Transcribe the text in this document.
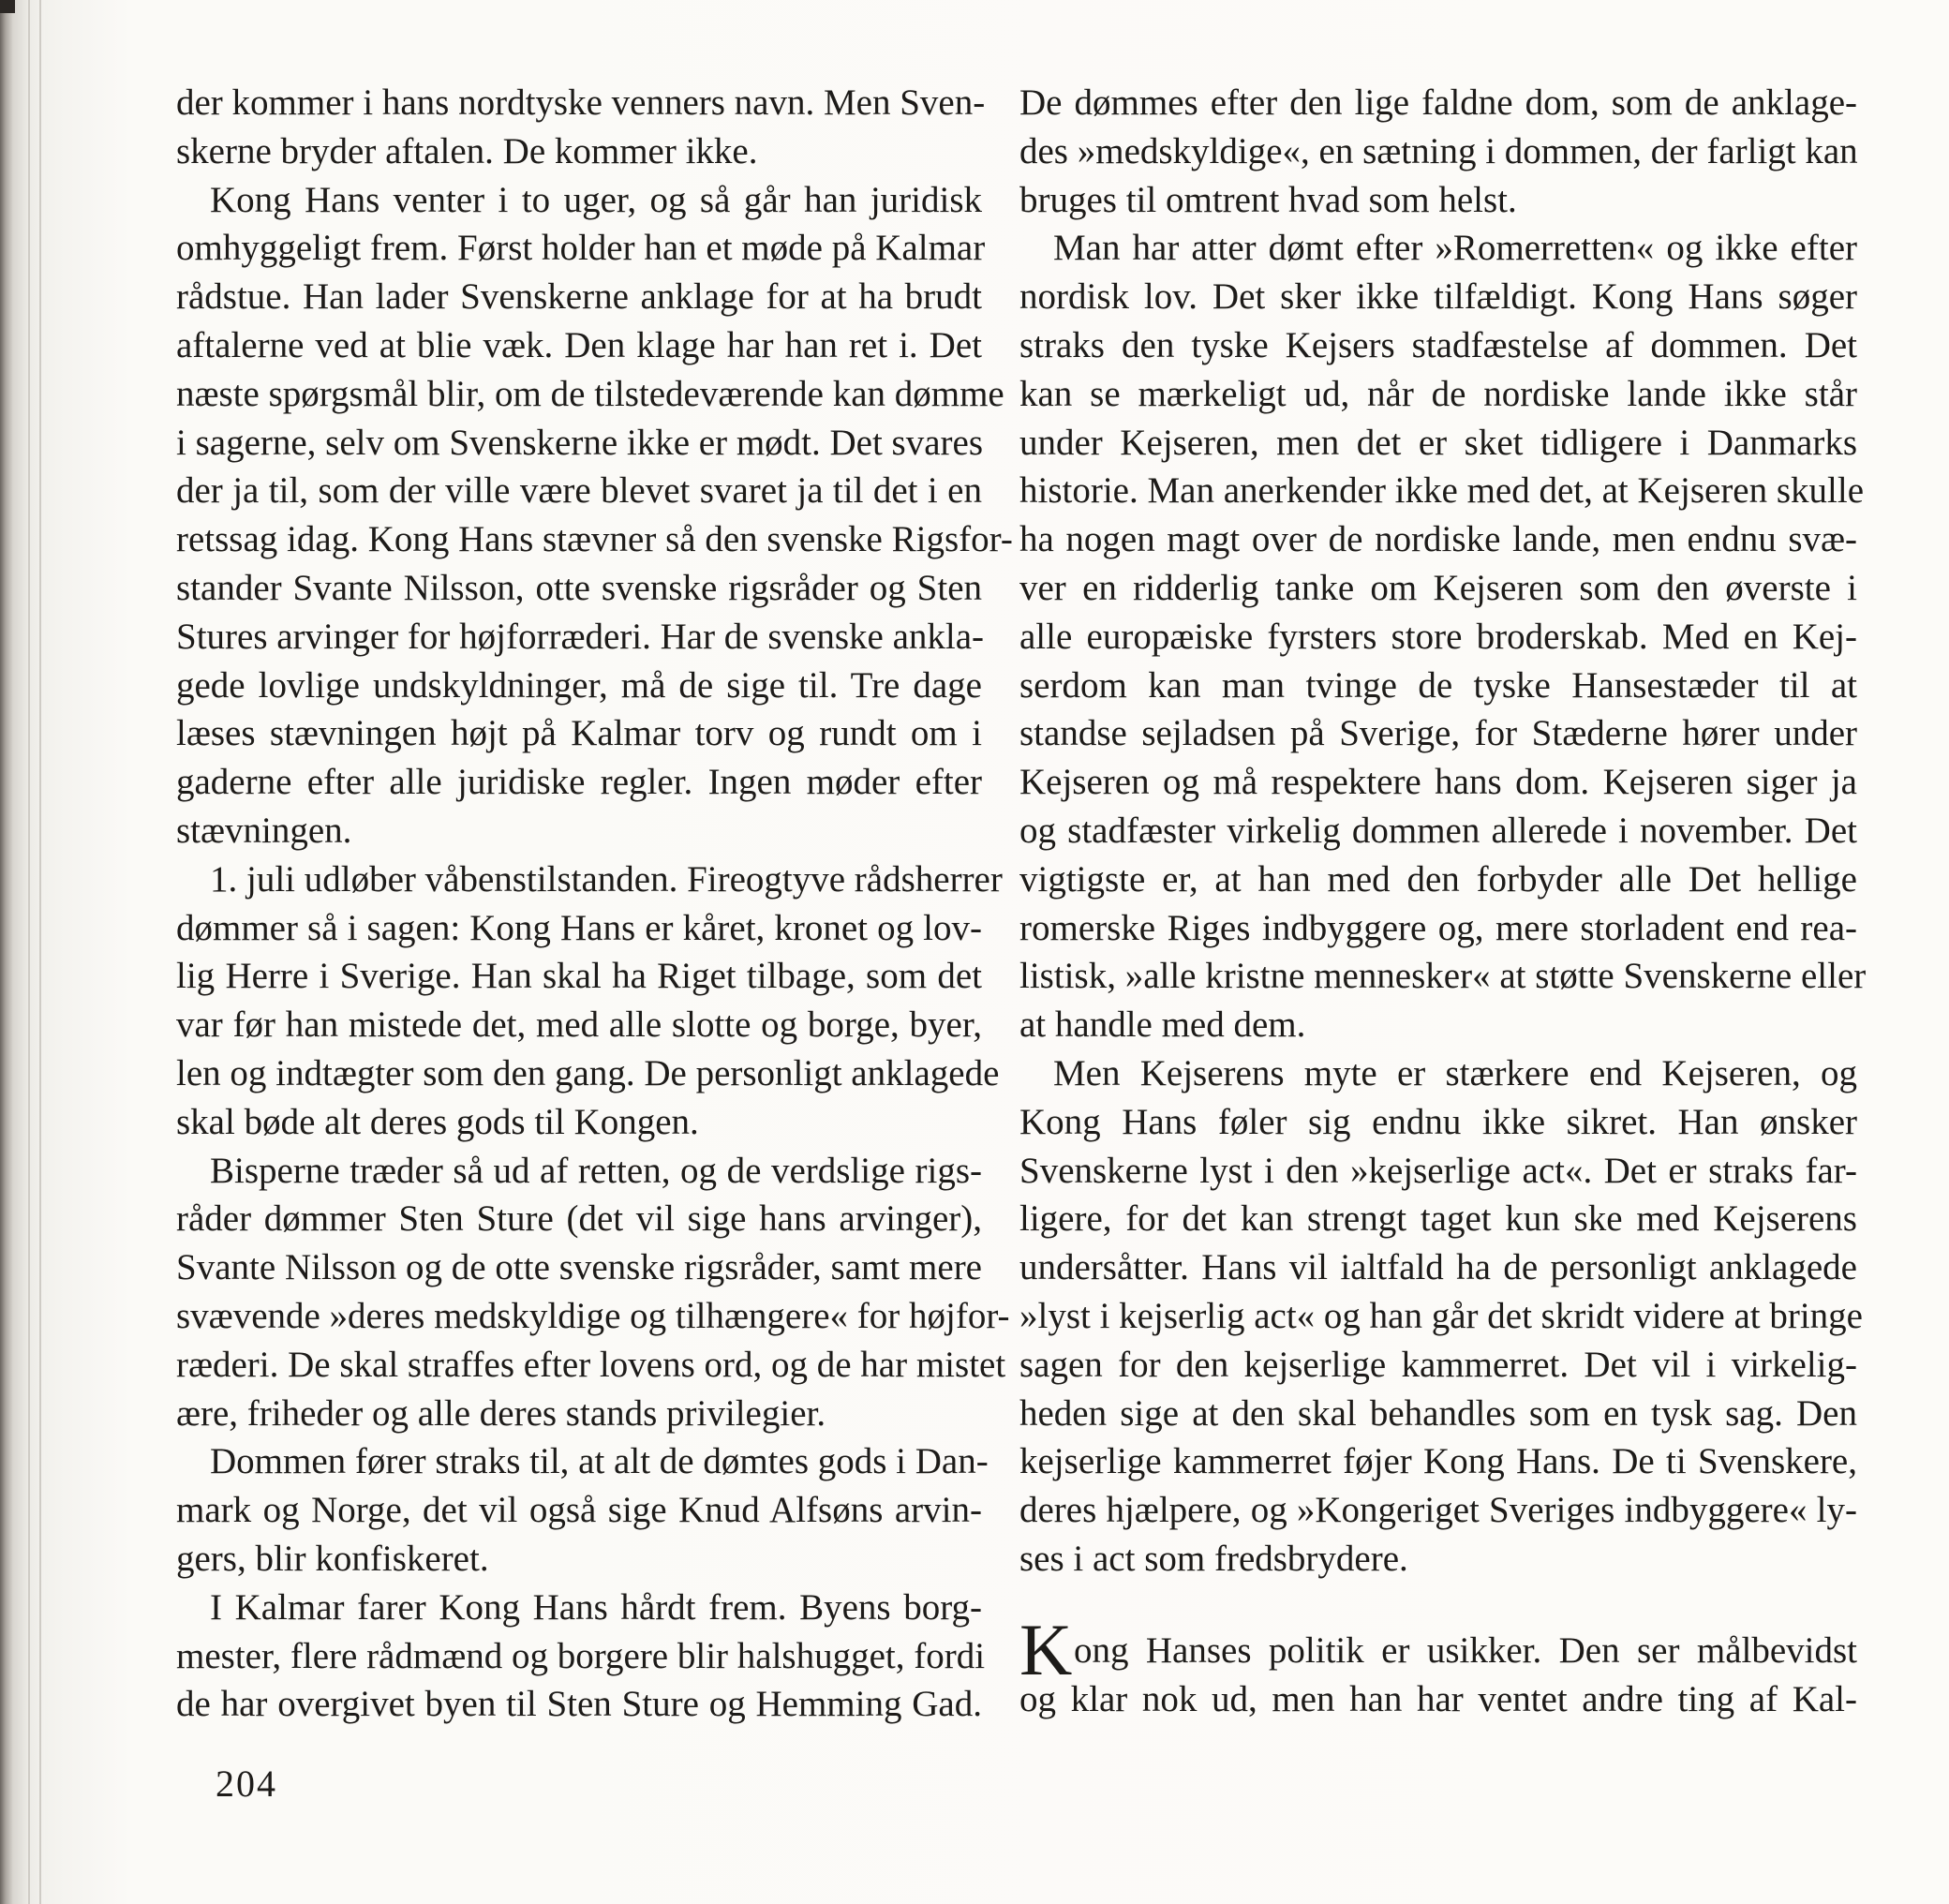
der kommer i hans nordtyske venners navn. Men Sven-
skerne bryder aftalen. De kommer ikke.
Kong Hans venter i to uger, og så går han juridisk
omhyggeligt frem. Først holder han et møde på Kalmar
rådstue. Han lader Svenskerne anklage for at ha brudt
aftalerne ved at blie væk. Den klage har han ret i. Det
næste spørgsmål blir, om de tilstedeværende kan dømme
i sagerne, selv om Svenskerne ikke er mødt. Det svares
der ja til, som der ville være blevet svaret ja til det i en
retssag idag. Kong Hans stævner så den svenske Rigsfor-
stander Svante Nilsson, otte svenske rigsråder og Sten
Stures arvinger for højforræderi. Har de svenske ankla-
gede lovlige undskyldninger, må de sige til. Tre dage
læses stævningen højt på Kalmar torv og rundt om i
gaderne efter alle juridiske regler. Ingen møder efter
stævningen.
1. juli udløber våbenstilstanden. Fireogtyve rådsherrer
dømmer så i sagen: Kong Hans er kåret, kronet og lov-
lig Herre i Sverige. Han skal ha Riget tilbage, som det
var før han mistede det, med alle slotte og borge, byer,
len og indtægter som den gang. De personligt anklagede
skal bøde alt deres gods til Kongen.
Bisperne træder så ud af retten, og de verdslige rigs-
råder dømmer Sten Sture (det vil sige hans arvinger),
Svante Nilsson og de otte svenske rigsråder, samt mere
svævende »deres medskyldige og tilhængere« for højfor-
ræderi. De skal straffes efter lovens ord, og de har mistet
ære, friheder og alle deres stands privilegier.
Dommen fører straks til, at alt de dømtes gods i Dan-
mark og Norge, det vil også sige Knud Alfsøns arvin-
gers, blir konfiskeret.
I Kalmar farer Kong Hans hårdt frem. Byens borg-
mester, flere rådmænd og borgere blir halshugget, fordi
de har overgivet byen til Sten Sture og Hemming Gad.
De dømmes efter den lige faldne dom, som de anklage-
des »medskyldige«, en sætning i dommen, der farligt kan
bruges til omtrent hvad som helst.
Man har atter dømt efter »Romerretten« og ikke efter
nordisk lov. Det sker ikke tilfældigt. Kong Hans søger
straks den tyske Kejsers stadfæstelse af dommen. Det
kan se mærkeligt ud, når de nordiske lande ikke står
under Kejseren, men det er sket tidligere i Danmarks
historie. Man anerkender ikke med det, at Kejseren skulle
ha nogen magt over de nordiske lande, men endnu svæ-
ver en ridderlig tanke om Kejseren som den øverste i
alle europæiske fyrsters store broderskab. Med en Kej-
serdom kan man tvinge de tyske Hansestæder til at
standse sejladsen på Sverige, for Stæderne hører under
Kejseren og må respektere hans dom. Kejseren siger ja
og stadfæster virkelig dommen allerede i november. Det
vigtigste er, at han med den forbyder alle Det hellige
romerske Riges indbyggere og, mere storladent end rea-
listisk, »alle kristne mennesker« at støtte Svenskerne eller
at handle med dem.
Men Kejserens myte er stærkere end Kejseren, og
Kong Hans føler sig endnu ikke sikret. Han ønsker
Svenskerne lyst i den »kejserlige act«. Det er straks far-
ligere, for det kan strengt taget kun ske med Kejserens
undersåtter. Hans vil ialtfald ha de personligt anklagede
»lyst i kejserlig act« og han går det skridt videre at bringe
sagen for den kejserlige kammerret. Det vil i virkelig-
heden sige at den skal behandles som en tysk sag. Den
kejserlige kammerret føjer Kong Hans. De ti Svenskere,
deres hjælpere, og »Kongeriget Sveriges indbyggere« ly-
ses i act som fredsbrydere.
K ong Hanses politik er usikker. Den ser målbevidst
og klar nok ud, men han har ventet andre ting af Kal-
204
